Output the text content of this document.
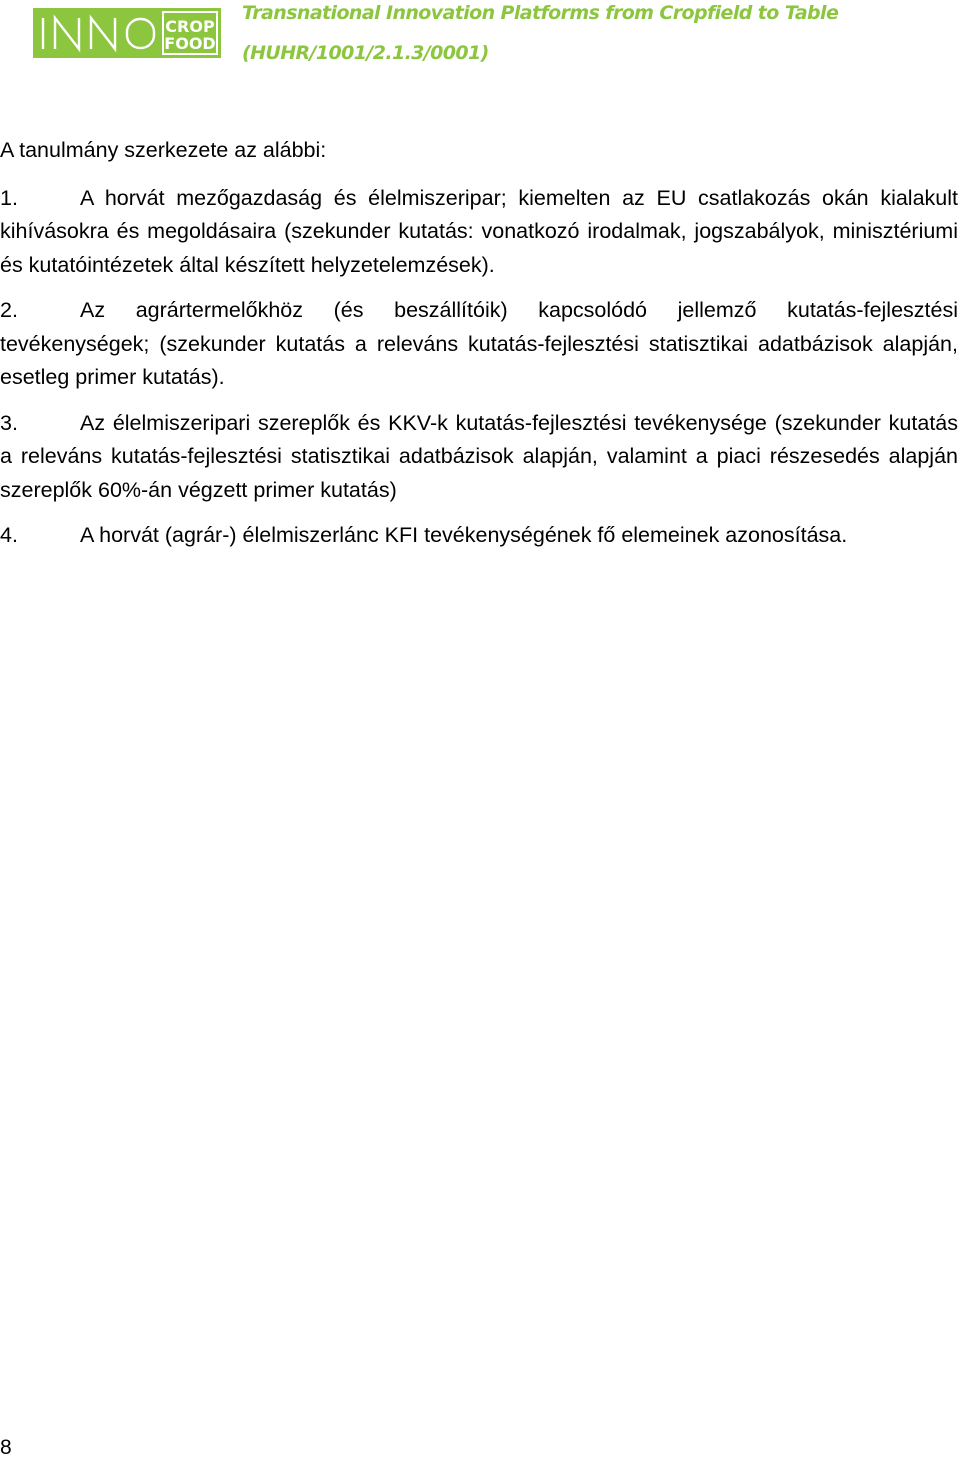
CROP
FOOD
Transnational Innovation Platforms from Cropfield to Table
(HUHR/1001/2.1.3/0001)

A tanulmány szerkezete az alábbi:

1.	A horvát mezőgazdaság és élelmiszeripar; kiemelten az EU csatlakozás okán kialakult kihívásokra és megoldásaira (szekunder kutatás: vonatkozó irodalmak, jogszabályok, minisztériumi és kutatóintézetek által készített helyzetelemzések).

2.	Az agrártermelőkhöz (és beszállítóik) kapcsolódó jellemző kutatás-fejlesztési tevékenységek; (szekunder kutatás a releváns kutatás-fejlesztési statisztikai adatbázisok alapján, esetleg primer kutatás).

3.	Az élelmiszeripari szereplők és KKV-k kutatás-fejlesztési tevékenysége (szekunder kutatás a releváns kutatás-fejlesztési statisztikai adatbázisok alapján, valamint a piaci részesedés alapján szereplők 60%-án végzett primer kutatás)

4.	A horvát (agrár-) élelmiszerlánc KFI tevékenységének fő elemeinek azonosítása.

8
